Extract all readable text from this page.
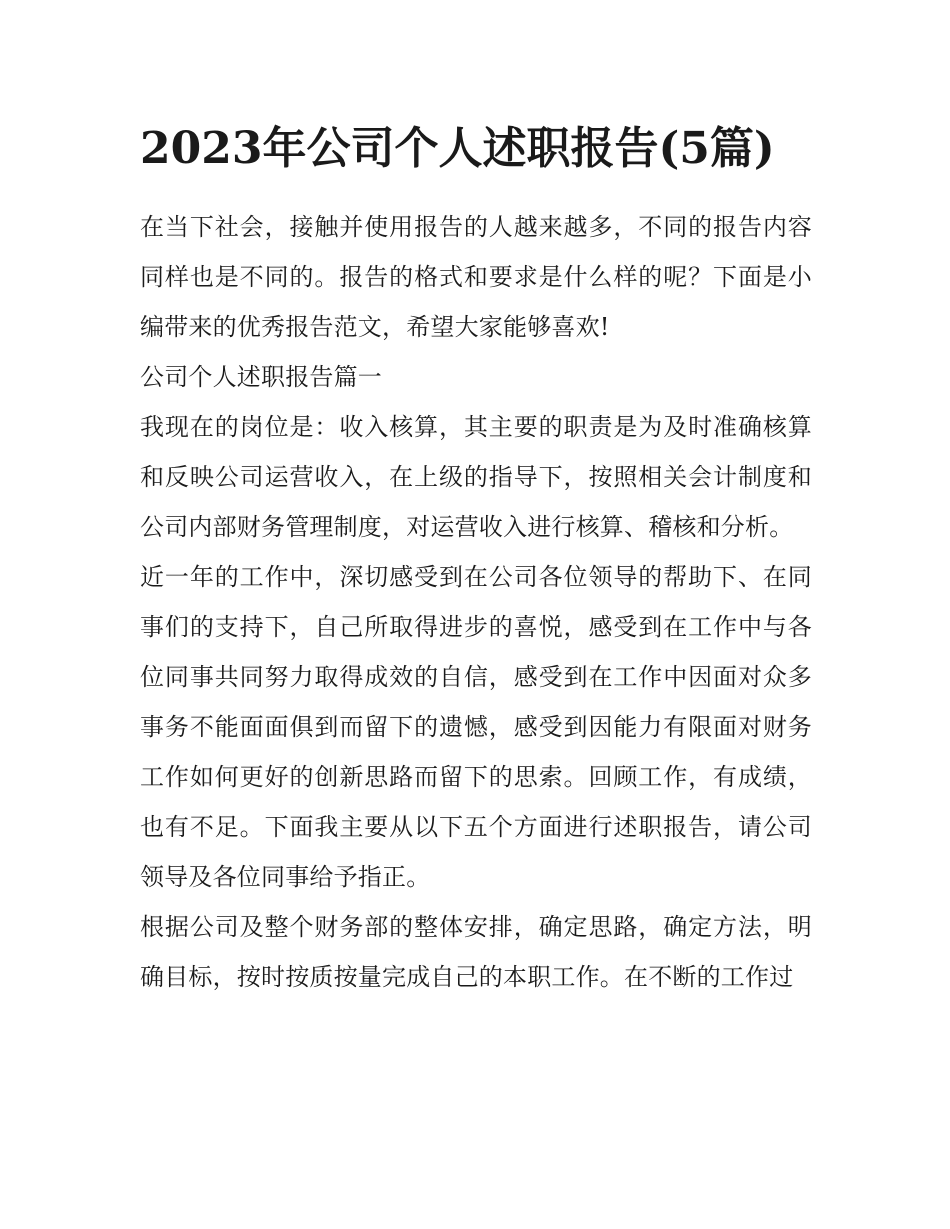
2023年公司个人述职报告(5篇)

在当下社会，接触并使用报告的人越来越多，不同的报告内容同样也是不同的。报告的格式和要求是什么样的呢？下面是小编带来的优秀报告范文，希望大家能够喜欢!

公司个人述职报告篇一

我现在的岗位是：收入核算，其主要的职责是为及时准确核算和反映公司运营收入，在上级的指导下，按照相关会计制度和公司内部财务管理制度，对运营收入进行核算、稽核和分析。

近一年的工作中，深切感受到在公司各位领导的帮助下、在同事们的支持下，自己所取得进步的喜悦，感受到在工作中与各位同事共同努力取得成效的自信，感受到在工作中因面对众多事务不能面面俱到而留下的遗憾，感受到因能力有限面对财务工作如何更好的创新思路而留下的思索。回顾工作，有成绩，也有不足。下面我主要从以下五个方面进行述职报告，请公司领导及各位同事给予指正。

根据公司及整个财务部的整体安排，确定思路，确定方法，明确目标，按时按质按量完成自己的本职工作。在不断的工作过
